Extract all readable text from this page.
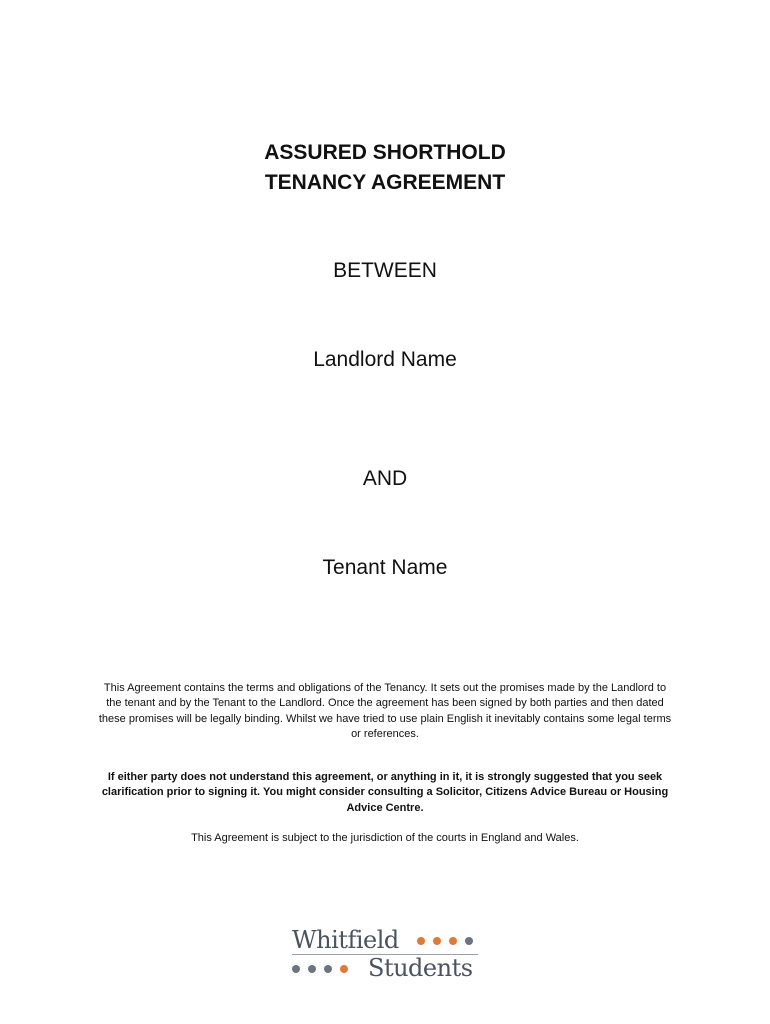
ASSURED SHORTHOLD
TENANCY AGREEMENT
BETWEEN
Landlord Name
AND
Tenant Name
This Agreement contains the terms and obligations of the Tenancy. It sets out the promises made by the Landlord to the tenant and by the Tenant to the Landlord. Once the agreement has been signed by both parties and then dated these promises will be legally binding. Whilst we have tried to use plain English it inevitably contains some legal terms or references.
If either party does not understand this agreement, or anything in it, it is strongly suggested that you seek clarification prior to signing it. You might consider consulting a Solicitor, Citizens Advice Bureau or Housing Advice Centre.
This Agreement is subject to the jurisdiction of the courts in England and Wales.
Whitfield
Students
